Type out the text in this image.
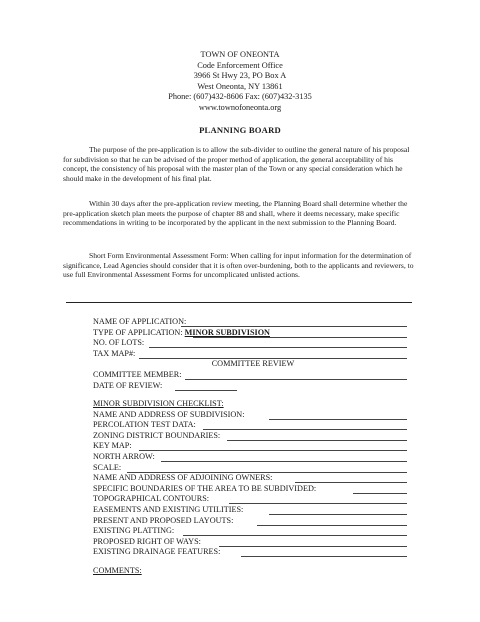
TOWN OF ONEONTA
Code Enforcement Office
3966 St Hwy 23, PO Box A
West Oneonta, NY 13861
Phone: (607)432-8606 Fax: (607)432-3135
www.townofoneonta.org
PLANNING BOARD
The purpose of the pre-application is to allow the sub-divider to outline the general nature of his proposal for subdivision so that he can be advised of the proper method of application, the general acceptability of his concept, the consistency of his proposal with the master plan of the Town or any special consideration which he should make in the development of his final plat.
Within 30 days after the pre-application review meeting, the Planning Board shall determine whether the pre-application sketch plan meets the purpose of chapter 88 and shall, where it deems necessary, make specific recommendations in writing to be incorporated by the applicant in the next submission to the Planning Board.
Short Form Environmental Assessment Form: When calling for input information for the determination of significance, Lead Agencies should consider that it is often over-burdening, both to the applicants and reviewers, to use full Environmental Assessment Forms for uncomplicated unlisted actions.
NAME OF APPLICATION:
TYPE OF APPLICATION: MINOR SUBDIVISION
NO. OF LOTS:
TAX MAP#:
COMMITTEE REVIEW
COMMITTEE MEMBER:
DATE OF REVIEW:
MINOR SUBDIVISION CHECKLIST:
NAME AND ADDRESS OF SUBDIVISION:
PERCOLATION TEST DATA:
ZONING DISTRICT BOUNDARIES:
KEY MAP:
NORTH ARROW:
SCALE:
NAME AND ADDRESS OF ADJOINING OWNERS:
SPECIFIC BOUNDARIES OF THE AREA TO BE SUBDIVIDED:
TOPOGRAPHICAL CONTOURS:
EASEMENTS AND EXISTING UTILITIES:
PRESENT AND PROPOSED LAYOUTS:
EXISTING PLATTING:
PROPOSED RIGHT OF WAYS:
EXISTING DRAINAGE FEATURES:
COMMENTS:
